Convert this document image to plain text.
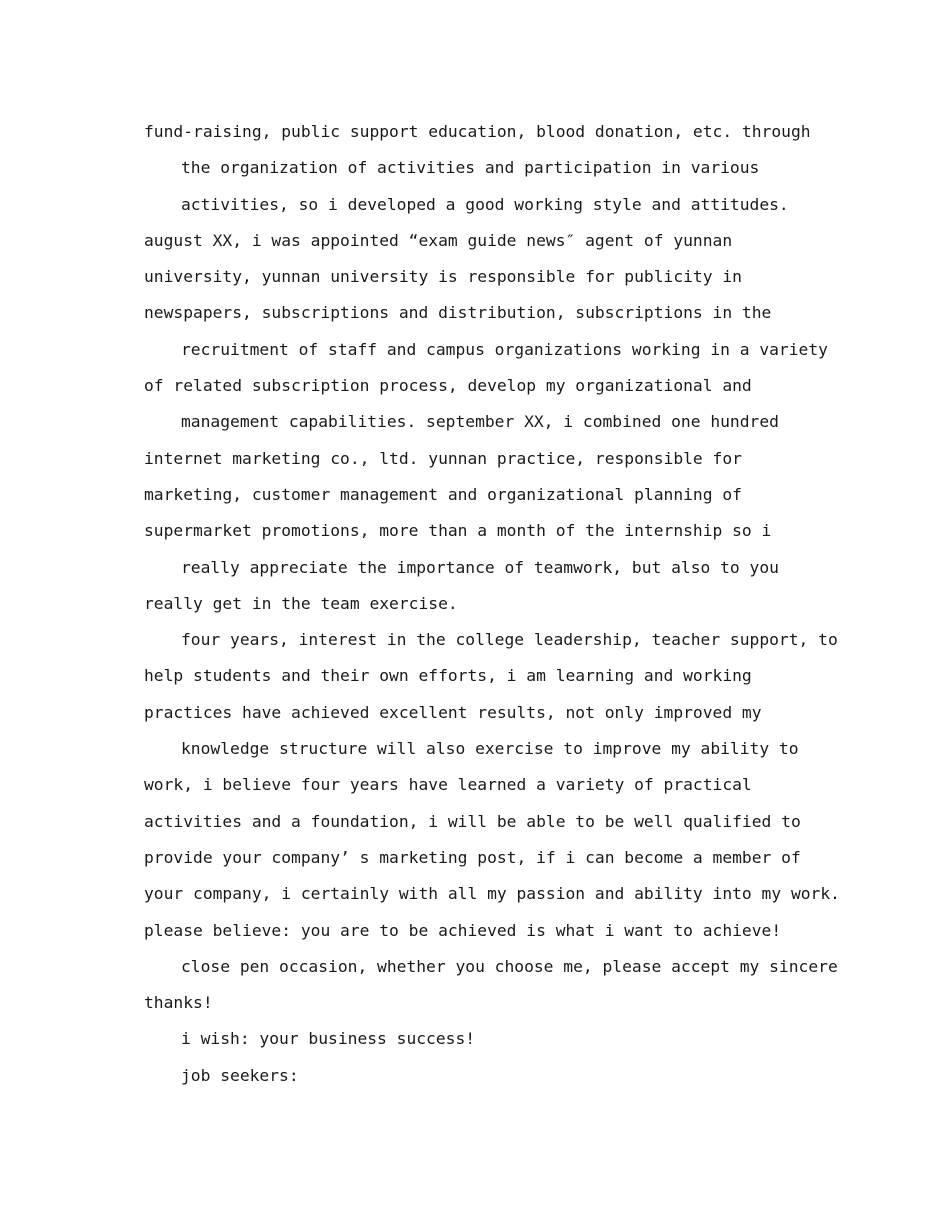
fund-raising, public support education, blood donation, etc. through
the organization of activities and participation in various
activities, so i developed a good working style and attitudes.
august XX, i was appointed “exam guide news″ agent of yunnan
university, yunnan university is responsible for publicity in
newspapers, subscriptions and distribution, subscriptions in the
recruitment of staff and campus organizations working in a variety
of related subscription process, develop my organizational and
management capabilities. september XX, i combined one hundred
internet marketing co., ltd. yunnan practice, responsible for
marketing, customer management and organizational planning of
supermarket promotions, more than a month of the internship so i
really appreciate the importance of teamwork, but also to you
really get in the team exercise.
four years, interest in the college leadership, teacher support, to
help students and their own efforts, i am learning and working
practices have achieved excellent results, not only improved my
knowledge structure will also exercise to improve my ability to
work, i believe four years have learned a variety of practical
activities and a foundation, i will be able to be well qualified to
provide your company’ s marketing post, if i can become a member of
your company, i certainly with all my passion and ability into my work.
please believe: you are to be achieved is what i want to achieve!
close pen occasion, whether you choose me, please accept my sincere
thanks!
i wish: your business success!
job seekers:
